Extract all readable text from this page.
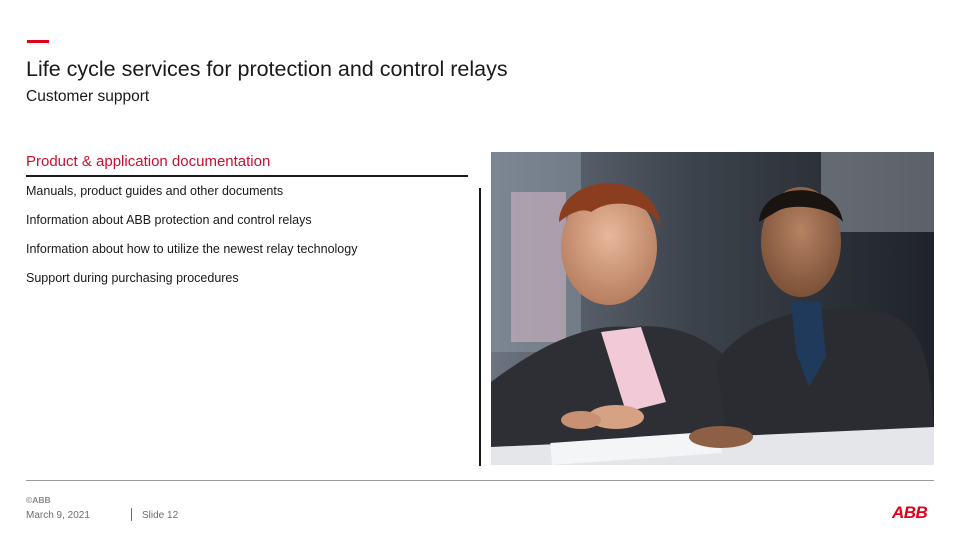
Life cycle services for protection and control relays
Customer support
Product & application documentation
Manuals, product guides and other documents
Information about ABB protection and control relays
Information about how to utilize the newest relay technology
Support during purchasing procedures
©ABB
March 9, 2021	Slide 12	ABB
